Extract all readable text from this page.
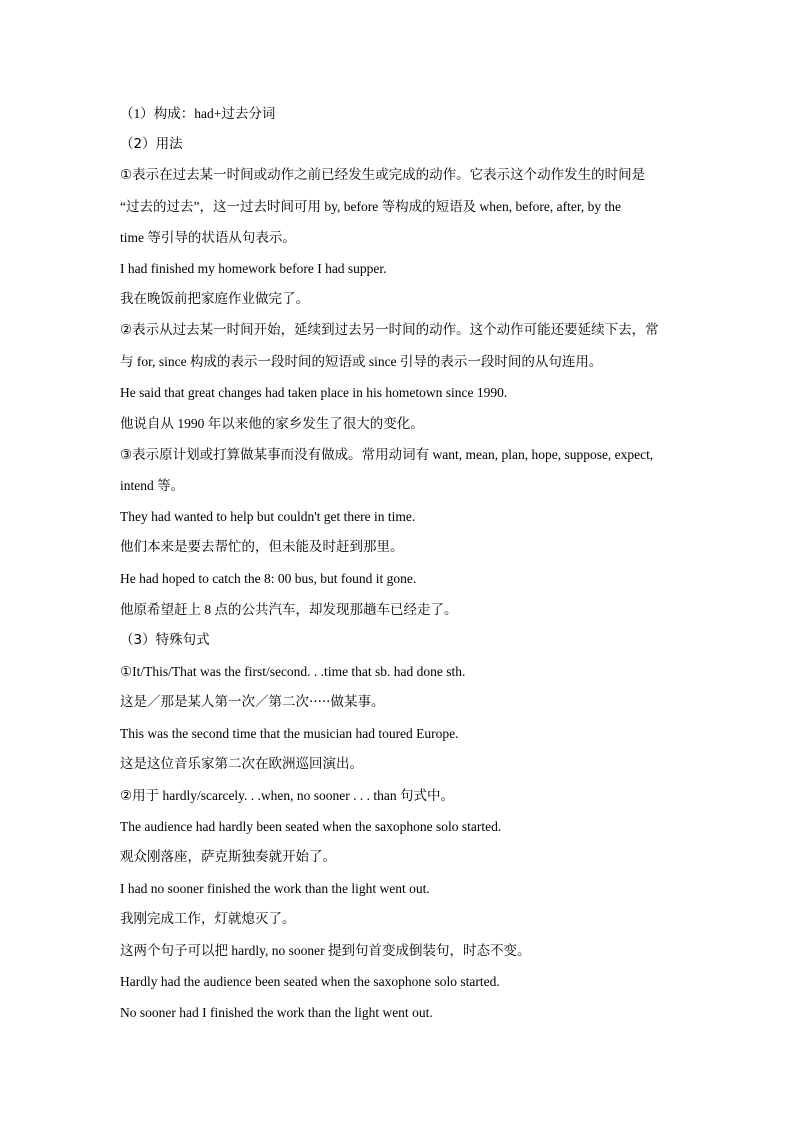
（1）构成：had+过去分词
（2）用法
①表示在过去某一时间或动作之前已经发生或完成的动作。它表示这个动作发生的时间是
“过去的过去”，这一过去时间可用 by, before 等构成的短语及 when, before, after, by the
time 等引导的状语从句表示。
I had finished my homework before I had supper.
我在晚饭前把家庭作业做完了。
②表示从过去某一时间开始，延续到过去另一时间的动作。这个动作可能还要延续下去，常
与 for, since 构成的表示一段时间的短语或 since 引导的表示一段时间的从句连用。
He said that great changes had taken place in his hometown since 1990.
他说自从 1990 年以来他的家乡发生了很大的变化。
③表示原计划或打算做某事而没有做成。常用动词有 want, mean, plan, hope, suppose, expect,
intend 等。
They had wanted to help but couldn't get there in time.
他们本来是要去帮忙的，但未能及时赶到那里。
He had hoped to catch the 8: 00 bus, but found it gone.
他原希望赶上 8 点的公共汽车，却发现那趟车已经走了。
（3）特殊句式
①It/This/That was the first/second. . .time that sb. had done sth.
这是／那是某人第一次／第二次·····做某事。
This was the second time that the musician had toured Europe.
这是这位音乐家第二次在欧洲巡回演出。
②用于 hardly/scarcely. . .when, no sooner . . . than 句式中。
The audience had hardly been seated when the saxophone solo started.
观众刚落座，萨克斯独奏就开始了。
I had no sooner finished the work than the light went out.
我刚完成工作，灯就熄灭了。
这两个句子可以把 hardly, no sooner 提到句首变成倒装句，时态不变。
Hardly had the audience been seated when the saxophone solo started.
No sooner had I finished the work than the light went out.
